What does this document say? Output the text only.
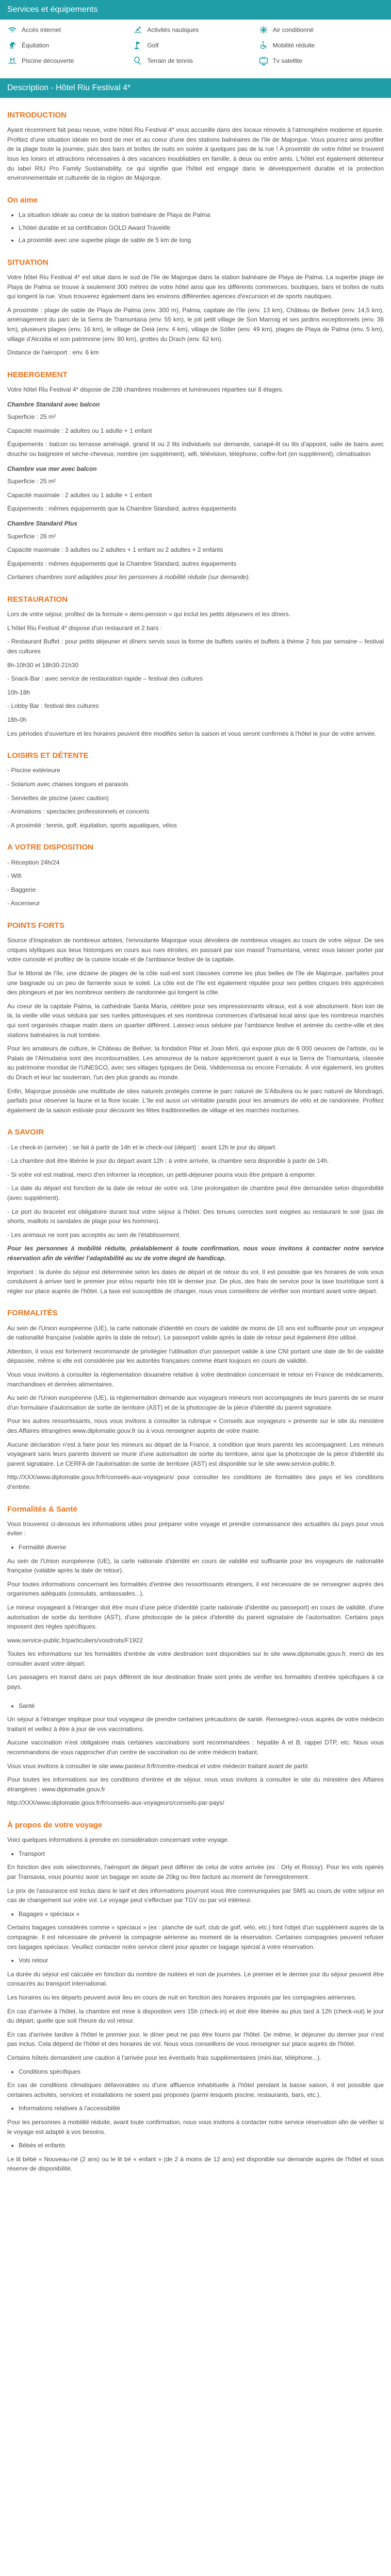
Services et équipements
Accès internet	Activités nautiques	Air conditionné
Équitation	Golf	Mobilité réduite
Piscine découverte	Terrain de tennis	Tv satellite
Description - Hôtel Riu Festival 4*
INTRODUCTION

Ayant récemment fait peau neuve, votre hôtel Riu Festival 4* vous accueille dans des locaux rénovés à l'atmosphère moderne et épurée. Profitez d'une situation idéale en bord de mer et au coeur d'une des stations balnéaires de l'île de Majorque. Vous pourrez ainsi profiter de la plage toute la journée, puis des bars et boîtes de nuits en soirée à quelques pas de la rue ! A proximité de votre hôtel se trouvent tous les loisirs et attractions nécessaires à des vacances inoubliables en famille, à deux ou entre amis. L'hôtel est également détenteur du label RIU Pro Family Sustainability, ce qui signifie que l'hôtel est engagé dans le développement durable et la protection environnementale et culturelle de la région de Majorque.

On aime
• La situation idéale au coeur de la station balnéaire de Playa de Palma
• L'hôtel durable et sa certification GOLD Award Travelife
• La proximité avec une superbe plage de sable de 5 km de long
SITUATION

Votre hôtel Riu Festival 4* est situé dans le sud de l'île de Majorque dans la station balnéaire de Playa de Palma. La superbe plage de Playa de Palma se trouve à seulement 300 mètres de votre hôtel ainsi que les différents commerces, boutiques, bars et boîtes de nuits qui longent la rue. Vous trouverez également dans les environs différentes agences d'excursion et de sports nautiques.

A proximité : plage de sable de Playa de Palma (env. 300 m), Palma, capitale de l'île (env. 13 km), Château de Bellver (env. 14,5 km), aménagement du parc de la Serra de Tramuntana (env. 55 km), le joli petit village de Son Marroig et ses jardins exceptionnels (env. 36 km), plusieurs plages (env. 16 km), le village de Deià (env. 4 km), village de Sóller (env. 49 km), plages de Playa de Palma (env. 5 km), village d'Alcúdia et son patrimoine (env. 80 km), grottes du Drach (env. 62 km).

Distance de l'aéroport : env. 6 km

HEBERGEMENT

Votre hôtel Riu Festival 4* dispose de 238 chambres modernes et lumineuses réparties sur 8 étages.

Chambre Standard avec balcon

Superficie : 25 m²

Capacité maximale : 2 adultes ou 1 adulte + 1 enfant

Équipements : balcon ou terrasse aménagé, grand lit ou 2 lits individuels sur demande, canapé-lit ou lits d'appoint, salle de bains avec douche ou baignoire et sèche-cheveux, nombre (en supplément), wifi, télévision, téléphone, coffre-fort (en supplément), climatisation

Chambre vue mer avec balcon

Superficie : 25 m²

Capacité maximale : 2 adultes ou 1 adulte + 1 enfant

Équipements : mêmes équipements que la Chambre Standard, autres équipements

Chambre Standard Plus

Superficie : 26 m²

Capacité maximale : 3 adultes ou 2 adultes + 1 enfant ou 2 adultes + 2 enfants

Équipements : mêmes équipements que la Chambre Standard, autres équipements

Certaines chambres sont adaptées pour les personnes à mobilité réduite (sur demande).

RESTAURATION

Lors de votre séjour, profitez de la formule « demi-pension » qui inclut les petits déjeuners et les dîners.

L'hôtel Riu Festival 4* dispose d'un restaurant et 2 bars :

- Restaurant Buffet : pour petits déjeuner et dîners servis sous la forme de buffets variés et buffets à thème 2 fois par semaine – festival des cultures

8h-10h30 et 18h30-21h30

- Snack-Bar : avec service de restauration rapide – festival des cultures

10h-18h

- Lobby Bar : festival des cultures

18h-0h

Les périodes d'ouverture et les horaires peuvent être modifiés selon la saison et vous seront confirmés à l'hôtel le jour de votre arrivée.

LOISIRS ET DÉTENTE

- Piscine extérieure

- Solarium avec chaises longues et parasols

- Serviettes de piscine (avec caution)

- Animations : spectacles professionnels et concerts

- A proximité : tennis, golf, équitation, sports aquatiques, vélos

A VOTRE DISPOSITION

- Réception 24h/24

- Wifi

- Baggerie

- Ascenseur

POINTS FORTS

Source d'inspiration de nombreux artistes, l'envoutante Majorque vous dévoilera de nombreux visages au cours de votre séjour. De ses criques idylliques aux lieux historiques en cours aux rues étroites, en passant par son massif Tramuntana, venez vous laisser porter par votre curiosité et profitez de la cuisine locale et de l'ambiance festive de la capitale.

Sur le littoral de l'île, une dizaine de plages de la côte sud-est sont classées comme les plus belles de l'île de Majorque, parfaites pour une baignade ou un peu de farniente sous le soleil. La côte est de l'île est également réputée pour ses petites criques très appréciées des plongeurs et par les nombreux sentiers de randonnée qui longent la côte.

Au coeur de la capitale Palma, la cathédrale Santa María, célèbre pour ses impressionnants vitraux, est à voir absolument. Non loin de là, la vieille ville vous séduira par ses ruelles pittoresques et ses nombreux commerces d'artisanat local ainsi que les nombreux marchés qui sont organisés chaque matin dans un quartier différent. Laissez-vous séduire par l'ambiance festive et animée du centre-ville et des stations balnéaires la nuit tombée.

Pour les amateurs de culture, le Château de Bellver, la fondation Pilar et Joan Miró, qui expose plus de 6 000 oeuvres de l'artiste, ou le Palais de l'Almudaina sont des incontournables. Les amoureux de la nature apprécieront quant à eux la Serra de Tramuntana, classée au patrimoine mondial de l'UNESCO, avec ses villages typiques de Deià, Valldemossa ou encore Fornalutx. À voir également, les grottes du Drach et leur lac souterrain, l'un des plus grands au monde.

Enfin, Majorque possède une multitude de sites naturels protégés comme le parc naturel de S'Albufera ou le parc naturel de Mondragó, parfaits pour observer la faune et la flore locale. L'île est aussi un véritable paradis pour les amateurs de vélo et de randonnée. Profitez également de la saison estivale pour découvrir les fêtes traditionnelles de village et les marchés nocturnes.

A SAVOIR

- Le check-in (arrivée) : se fait à partir de 14h et le check-out (départ) : avant 12h le jour du départ.

- La chambre doit être libérée le jour du départ avant 12h ; à votre arrivée, la chambre sera disponible à partir de 14h.

- Si votre vol est matinal, merci d'en informer la réception, un petit-déjeuner pourra vous être préparé à emporter.

- La date du départ est fonction de la date de retour de votre vol. Une prolongation de chambre peut être demandée selon disponibilité (avec supplément).

- Le port du bracelet est obligatoire durant tout votre séjour à l'hôtel. Des tenues correctes sont exigées au restaurant le soir (pas de shorts, maillots ni sandales de plage pour les hommes).

- Les animaux ne sont pas acceptés au sein de l'établissement.

Pour les personnes à mobilité réduite, préalablement à toute confirmation, nous vous invitons à contacter notre service réservation afin de vérifier l'adaptabilité au vu de votre degré de handicap.

Important : la durée du séjour est déterminée selon les dates de départ et de retour du vol, Il est possible que les horaires de vols vous conduisent à arriver tard le premier jour et/ou repartir très tôt le dernier jour. De plus, des frais de service pour la taxe touristique sont à régler sur place auprès de l'hôtel. La taxe est susceptible de changer, nous vous conseillons de vérifier son montant avant votre départ.

FORMALITÉS

Au sein de l'Union européenne (UE), la carte nationale d'identité en cours de validité de moins de 10 ans est suffisante pour un voyageur de nationalité française (valable après la date de retour). Le passeport valide après la date de retour peut également être utilisé.

Attention, il vous est fortement recommandé de privilégier l'utilisation d'un passeport valide à une CNI portant une date de fin de validité dépassée, même si elle est considérée par les autorités françaises comme étant toujours en cours de validité.

Vous vous invitons à consulter la réglementation douanière relative à votre destination concernant le retour en France de médicaments, marchandises et denrées alimentaires.

Au sein de l'Union européenne (UE), la réglementation demande aux voyageurs mineurs non accompagnés de leurs parents de se munir d'un formulaire d'autorisation de sortie de territoire (AST) et de la photocopie de la pièce d'identité du parent signataire.

Pour les autres ressortissants, nous vous invitons à consulter la rubrique « Conseils aux voyageurs » présente sur le site du ministère des Affaires étrangères www.diplomatie.gouv.fr ou à vous renseigner auprès de votre mairie.

Aucune déclaration n'est à faire pour les mineurs au départ de la France, à condition que leurs parents les accompagnent. Les mineurs voyageant sans leurs parents doivent se munir d'une autorisation de sortie du territoire, ainsi que la photocopie de la pièce d'identité du parent signataire. Le CERFA de l'autorisation de sortie de territoire (AST) est disponible sur le site www.service-public.fr.

http://XXX/www.diplomatie.gouv.fr/fr/conseils-aux-voyageurs/ pour consulter les conditions de formalités des pays et les conditions d'entrée.

Formalités & Santé

Vous trouverez ci-dessous les informations utiles pour préparer votre voyage et prendre connaissance des actualités du pays pour vous éviter :

• Formalité diverse

Au sein de l'Union européenne (UE), la carte nationale d'identité en cours de validité est suffisante pour les voyageurs de nationalité française (valable après la date de retour).

Pour toutes informations concernant les formalités d'entrée des ressortissants étrangers, il est nécessaire de se renseigner auprès des organismes adéquats (consulats, ambassades...).

Le mineur voyageant à l'étranger doit être muni d'une pièce d'identité (carte nationale d'identité ou passeport) en cours de validité, d'une autorisation de sortie du territoire (AST), d'une photocopie de la pièce d'identité du parent signataire de l'autorisation. Certains pays imposent des règles spécifiques.

www.service-public.fr/particuliers/vosdroits/F1922

Toutes les informations sur les formalités d'entrée de votre destination sont disponibles sur le site www.diplomatie.gouv.fr, merci de les consulter avant votre départ.

Les passagers en transit dans un pays différent de leur destination finale sont priés de vérifier les formalités d'entrée spécifiques à ce pays.

• Santé

Un séjour à l'étranger implique pour tout voyageur de prendre certaines précautions de santé. Renseignez-vous auprès de votre médecin traitant et veillez à être à jour de vos vaccinations.

Aucune vaccination n'est obligatoire mais certaines vaccinations sont recommandées : hépatite A et B, rappel DTP, etc. Nous vous recommandons de vous rapprocher d'un centre de vaccination ou de votre médecin traitant.

Vous vous invitons à consulter le site www.pasteur.fr/fr/centre-medical et votre médecin traitant avant de partir.

Pour toutes les informations sur les conditions d'entrée et de séjour, nous vous invitons à consulter le site du ministère des Affaires étrangères : www.diplomatie.gouv.fr

http://XXX/www.diplomatie.gouv.fr/fr/conseils-aux-voyageurs/conseils-par-pays/

À propos de votre voyage

Voici quelques informations à prendre en considération concernant votre voyage.

• Transport

En fonction des vols sélectionnés, l'aéroport de départ peut différer de celui de votre arrivée (ex : Orly et Roissy). Pour les vols opérés par Transavia, vous pourrez avoir un bagage en soute de 20kg ou être facturé au moment de l'enregistrement.

Le prix de l'assurance est inclus dans le tarif et des informations pourront vous être communiquées par SMS au cours de votre séjour en cas de changement sur votre vol. Le voyage peut s'effectuer par TGV ou par vol intérieur.

• Bagages « spéciaux »

Certains bagages considérés comme « spéciaux » (ex : planche de surf, club de golf, vélo, etc.) font l'objet d'un supplément auprès de la compagnie. Il est nécessaire de prévenir la compagnie aérienne au moment de la réservation. Certaines compagnies peuvent refuser ces bagages spéciaux. Veuillez contacter notre service client pour ajouter ce bagage spécial à votre réservation.

• Vols retour

La durée du séjour est calculée en fonction du nombre de nuitées et non de journées. Le premier et le dernier jour du séjour peuvent être consacrés au transport international.

Les horaires ou les départs peuvent avoir lieu en cours de nuit en fonction des horaires imposés par les compagnies aériennes.

En cas d'arrivée à l'hôtel, la chambre est mise à disposition vers 15h (check-in) et doit être libérée au plus tard à 12h (check-out) le jour du départ, quelle que soit l'heure du vol retour.

En cas d'arrivée tardive à l'hôtel le premier jour, le dîner peut ne pas être fourni par l'hôtel. De même, le déjeuner du dernier jour n'est pas inclus. Cela dépend de l'hôtel et des horaires de vol. Nous vous conseillons de vous renseigner sur place auprès de l'hôtel.

Certains hôtels demandent une caution à l'arrivée pour les éventuels frais supplémentaires (mini-bar, téléphone...).

• Conditions spécifiques

En cas de conditions climatiques défavorables ou d'une affluence inhabituelle à l'hôtel pendant la basse saison, il est possible que certaines activités, services et installations ne soient pas proposés (parmi lesquels piscine, restaurants, bars, etc.).

• Informations relatives à l'accessibilité

Pour les personnes à mobilité réduite, avant toute confirmation, nous vous invitons à contacter notre service réservation afin de vérifier si le voyage est adapté à vos besoins.

• Bébés et enfants

Le lit bébé « Nouveau-né (2 ans) ou le lit bé « enfant » (de 2 à moins de 12 ans) est disponible sur demande auprès de l'hôtel et sous réserve de disponibilité.
